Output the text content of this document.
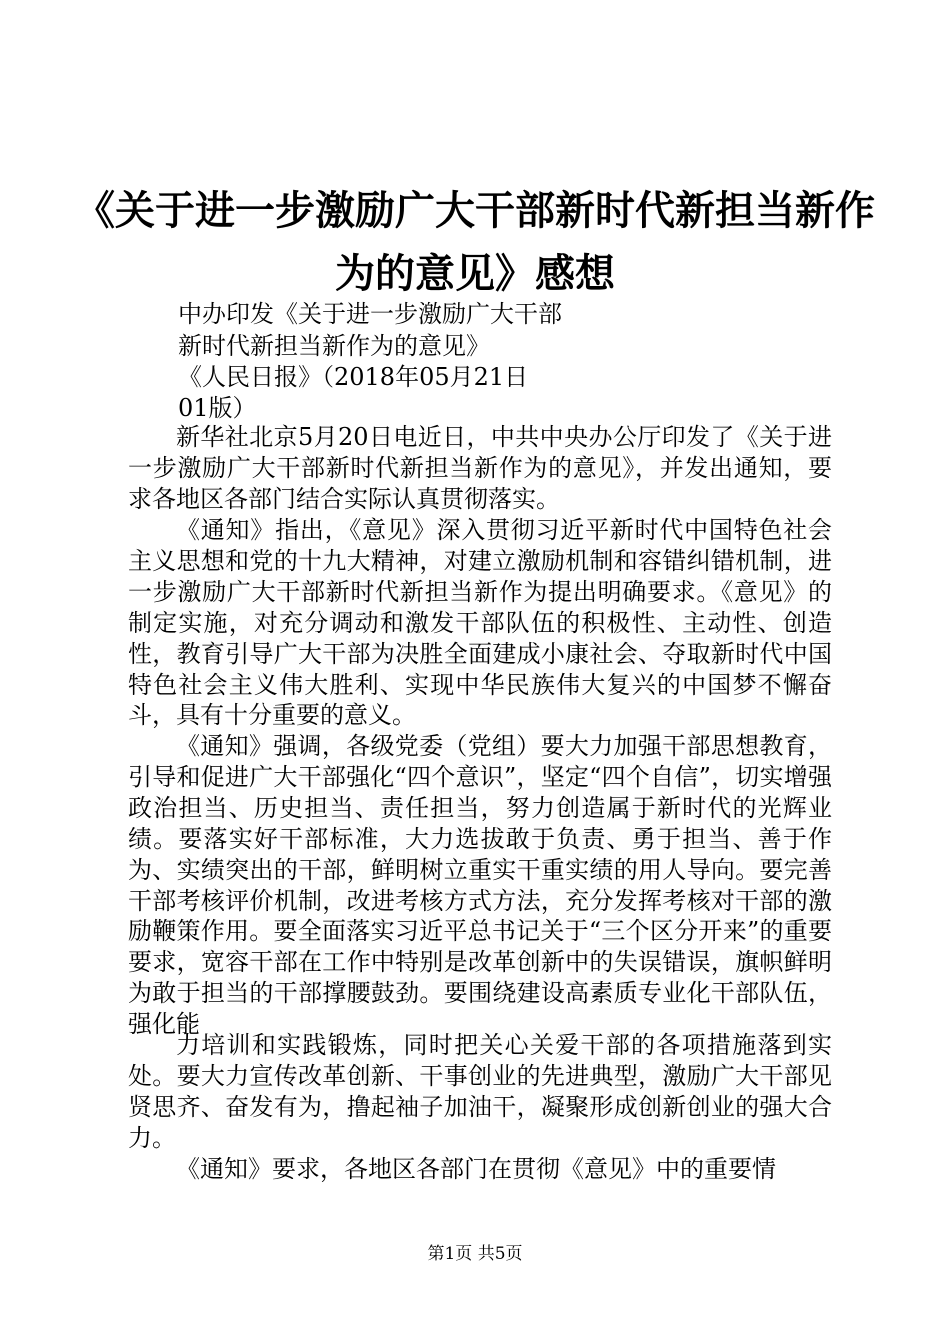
《关于进一步激励广大干部新时代新担当新作
为的意见》感想

中办印发《关于进一步激励广大干部

新时代新担当新作为的意见》

《人民日报》（2018年05月21日

01版）

新华社北京5月20日电近日，中共中央办公厅印发了《关于进一步激励广大干部新时代新担当新作为的意见》，并发出通知，要求各地区各部门结合实际认真贯彻落实。

《通知》指出，《意见》深入贯彻习近平新时代中国特色社会主义思想和党的十九大精神，对建立激励机制和容错纠错机制，进一步激励广大干部新时代新担当新作为提出明确要求。《意见》的制定实施，对充分调动和激发干部队伍的积极性、主动性、创造性，教育引导广大干部为决胜全面建成小康社会、夺取新时代中国特色社会主义伟大胜利、实现中华民族伟大复兴的中国梦不懈奋斗，具有十分重要的意义。

《通知》强调，各级党委（党组）要大力加强干部思想教育，引导和促进广大干部强化“四个意识”，坚定“四个自信”，切实增强政治担当、历史担当、责任担当，努力创造属于新时代的光辉业绩。要落实好干部标准，大力选拔敢于负责、勇于担当、善于作为、实绩突出的干部，鲜明树立重实干重实绩的用人导向。要完善干部考核评价机制，改进考核方式方法，充分发挥考核对干部的激励鞭策作用。要全面落实习近平总书记关于“三个区分开来”的重要要求，宽容干部在工作中特别是改革创新中的失误错误，旗帜鲜明为敢于担当的干部撑腰鼓劲。要围绕建设高素质专业化干部队伍，强化能

力培训和实践锻炼，同时把关心关爱干部的各项措施落到实处。要大力宣传改革创新、干事创业的先进典型，激励广大干部见贤思齐、奋发有为，撸起袖子加油干，凝聚形成创新创业的强大合力。

《通知》要求，各地区各部门在贯彻《意见》中的重要情

第1页 共5页
